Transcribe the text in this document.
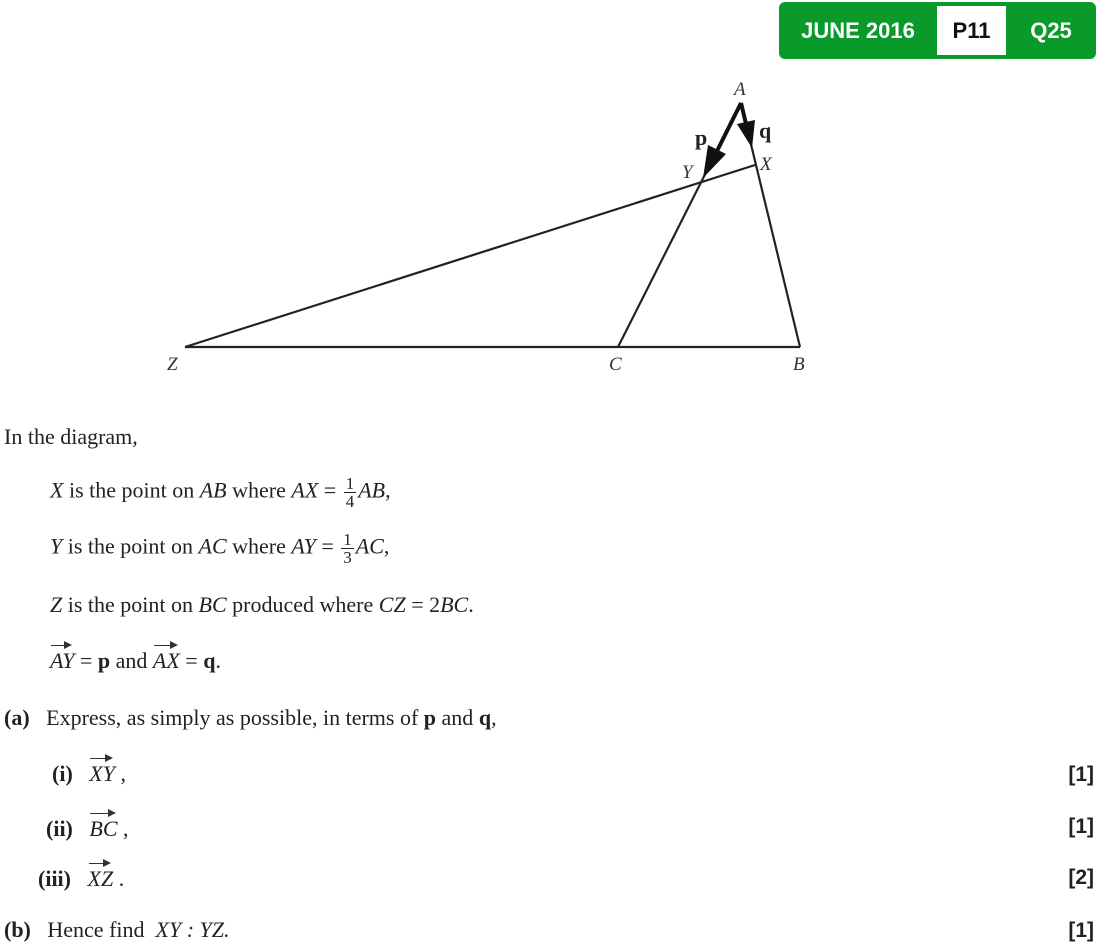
JUNE 2016	P11	Q25
A
X
Y
Z	C	B
p q
In the diagram,
X is the point on AB where AX = $\frac{1}{4}$ AB,
Y is the point on AC where AY = $\frac{1}{3}$ AC,
Z is the point on BC produced where CZ = 2BC.
AY = p and AX = q.
(a) Express, as simply as possible, in terms of p and q,
(i) XY ,	[1]
(ii) BC ,	[1]
(iii) XZ .	[2]
(b) Hence find  XY : YZ.	[1]
